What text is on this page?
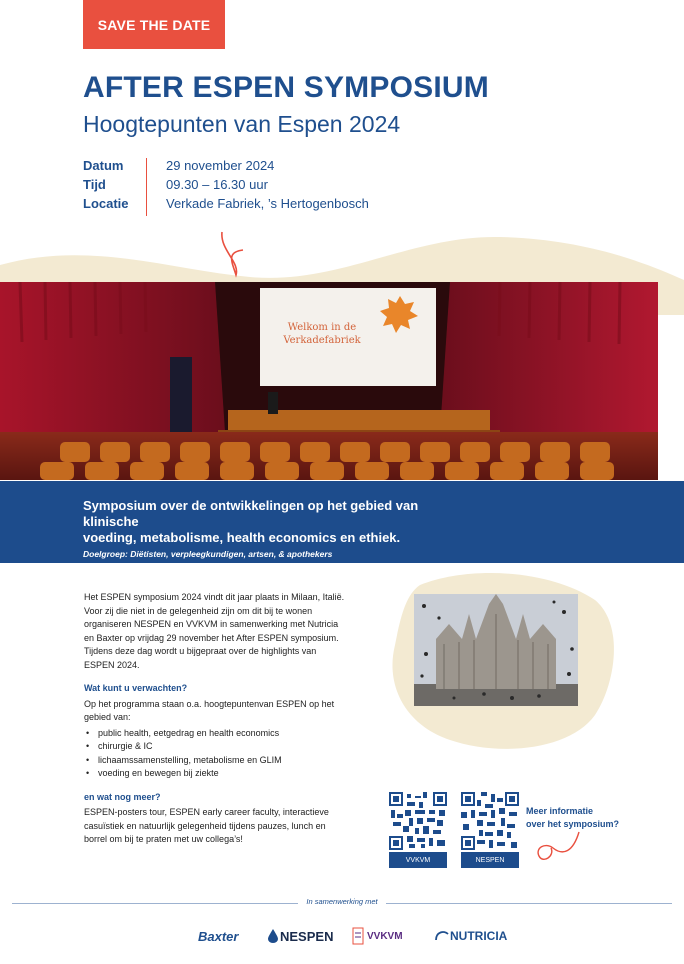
SAVE THE DATE
AFTER ESPEN SYMPOSIUM
Hoogtepunten van Espen 2024
Datum	29 november 2024
Tijd	09.30 – 16.30 uur
Locatie	Verkade Fabriek, ’s Hertogenbosch
Welkom in de
Verkadefabriek
Symposium over de ontwikkelingen op het gebied van klinische
voeding, metabolisme, health economics en ethiek.
Doelgroep: Diëtisten, verpleegkundigen, artsen, & apothekers
Het ESPEN symposium 2024 vindt dit jaar plaats in Milaan, Italië. Voor zij die niet in de gelegenheid zijn om dit bij te wonen organiseren NESPEN en VVKVM in samenwerking met Nutricia en Baxter op vrijdag 29 november het After ESPEN symposium. Tijdens deze dag wordt u bijgepraat over de highlights van ESPEN 2024.
Wat kunt u verwachten?
Op het programma staan o.a. hoogtepuntenvan ESPEN op het gebied van:
• public health, eetgedrag en health economics
• chirurgie & IC
• lichaamssamenstelling, metabolisme en GLIM
• voeding en bewegen bij ziekte
en wat nog meer?
ESPEN-posters tour, ESPEN early career faculty, interactieve casuïstiek en natuurlijk gelegenheid tijdens pauzes, lunch en borrel om bij te praten met uw collega’s!
VVKVM	NESPEN
Meer informatie
over het symposium?
In samenwerking met
Baxter	NESPEN	VVKVM	NUTRICIA
